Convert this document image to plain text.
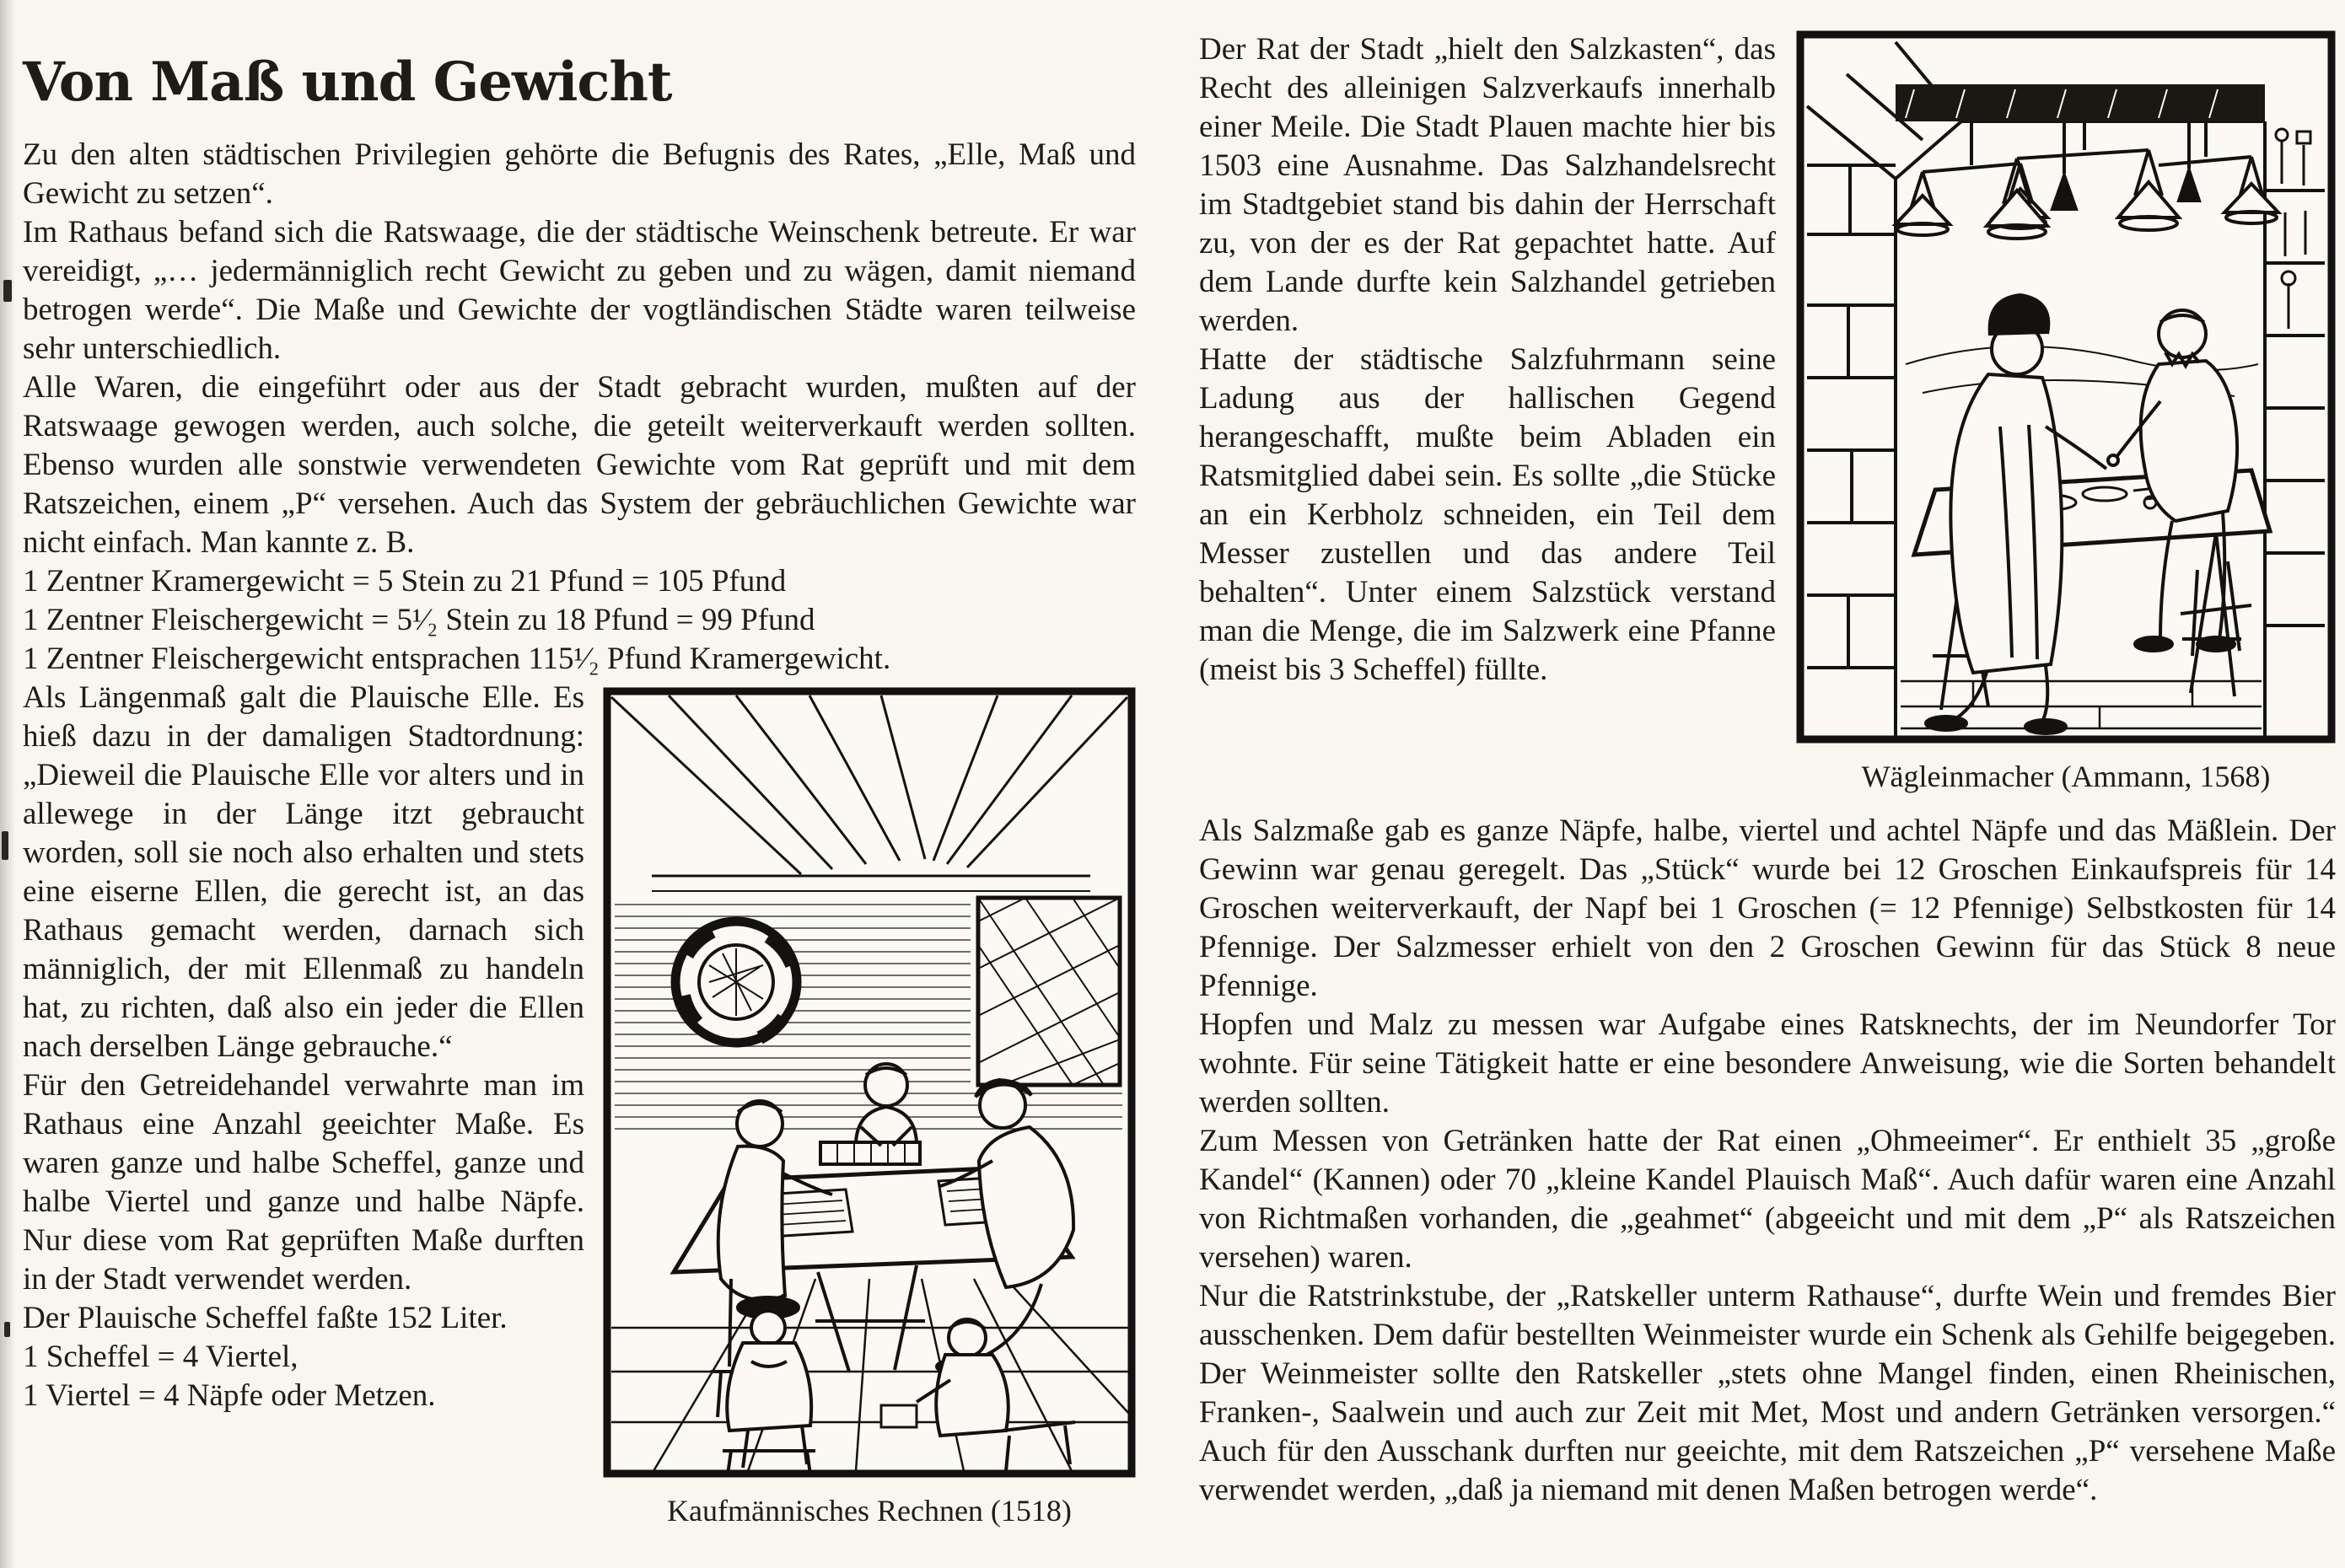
Von Maß und Gewicht

Zu den alten städtischen Privilegien gehörte die Befugnis des Rates, „Elle, Maß und Gewicht zu setzen“.

Im Rathaus befand sich die Ratswaage, die der städtische Weinschenk betreute. Er war vereidigt, „… jedermänniglich recht Gewicht zu geben und zu wägen, damit niemand betrogen werde“. Die Maße und Gewichte der vogtländischen Städte waren teilweise sehr unterschiedlich.

Alle Waren, die eingeführt oder aus der Stadt gebracht wurden, mußten auf der Ratswaage gewogen werden, auch solche, die geteilt weiterverkauft werden sollten. Ebenso wurden alle sonstwie verwendeten Gewichte vom Rat geprüft und mit dem Ratszeichen, einem „P“ versehen. Auch das System der gebräuchlichen Gewichte war nicht einfach. Man kannte z. B.

1 Zentner Kramergewicht = 5 Stein zu 21 Pfund = 105 Pfund
1 Zentner Fleischergewicht = 5¹⁄₂ Stein zu 18 Pfund = 99 Pfund
1 Zentner Fleischergewicht entsprachen 115¹⁄₂ Pfund Kramergewicht.
Kaufmännisches Rechnen (1518)

Als Längenmaß galt die Plauische Elle. Es hieß dazu in der damaligen Stadtordnung: „Dieweil die Plauische Elle vor alters und in allewege in der Länge itzt gebraucht worden, soll sie noch also erhalten und stets eine eiserne Ellen, die gerecht ist, an das Rathaus gemacht werden, darnach sich männiglich, der mit Ellenmaß zu handeln hat, zu richten, daß also ein jeder die Ellen nach derselben Länge gebrauche.“

Für den Getreidehandel verwahrte man im Rathaus eine Anzahl geeichter Maße. Es waren ganze und halbe Scheffel, ganze und halbe Viertel und ganze und halbe Näpfe. Nur diese vom Rat geprüften Maße durften in der Stadt verwendet werden.

Der Plauische Scheffel faßte 152 Liter.
1 Scheffel = 4 Viertel,
1 Viertel = 4 Näpfe oder Metzen.
Wägleinmacher (Ammann, 1568)

Der Rat der Stadt „hielt den Salzkasten“, das Recht des alleinigen Salzverkaufs innerhalb einer Meile. Die Stadt Plauen machte hier bis 1503 eine Ausnahme. Das Salzhandelsrecht im Stadtgebiet stand bis dahin der Herrschaft zu, von der es der Rat gepachtet hatte. Auf dem Lande durfte kein Salzhandel getrieben werden.

Hatte der städtische Salzfuhrmann seine Ladung aus der hallischen Gegend herangeschafft, mußte beim Abladen ein Ratsmitglied dabei sein. Es sollte „die Stücke an ein Kerbholz schneiden, ein Teil dem Messer zustellen und das andere Teil behalten“. Unter einem Salzstück verstand man die Menge, die im Salzwerk eine Pfanne (meist bis 3 Scheffel) füllte.

Als Salzmaße gab es ganze Näpfe, halbe, viertel und achtel Näpfe und das Mäßlein. Der Gewinn war genau geregelt. Das „Stück“ wurde bei 12 Groschen Einkaufspreis für 14 Groschen weiterverkauft, der Napf bei 1 Groschen (= 12 Pfennige) Selbstkosten für 14 Pfennige. Der Salzmesser erhielt von den 2 Groschen Gewinn für das Stück 8 neue Pfennige.

Hopfen und Malz zu messen war Aufgabe eines Ratsknechts, der im Neundorfer Tor wohnte. Für seine Tätigkeit hatte er eine besondere Anweisung, wie die Sorten behandelt werden sollten.

Zum Messen von Getränken hatte der Rat einen „Ohmeeimer“. Er enthielt 35 „große Kandel“ (Kannen) oder 70 „kleine Kandel Plauisch Maß“. Auch dafür waren eine Anzahl von Richtmaßen vorhanden, die „geahmet“ (abgeeicht und mit dem „P“ als Ratszeichen versehen) waren.

Nur die Ratstrinkstube, der „Ratskeller unterm Rathause“, durfte Wein und fremdes Bier ausschenken. Dem dafür bestellten Weinmeister wurde ein Schenk als Gehilfe beigegeben. Der Weinmeister sollte den Ratskeller „stets ohne Mangel finden, einen Rheinischen, Franken-, Saalwein und auch zur Zeit mit Met, Most und andern Getränken versorgen.“ Auch für den Ausschank durften nur geeichte, mit dem Ratszeichen „P“ versehene Maße verwendet werden, „daß ja niemand mit denen Maßen betrogen werde“.
